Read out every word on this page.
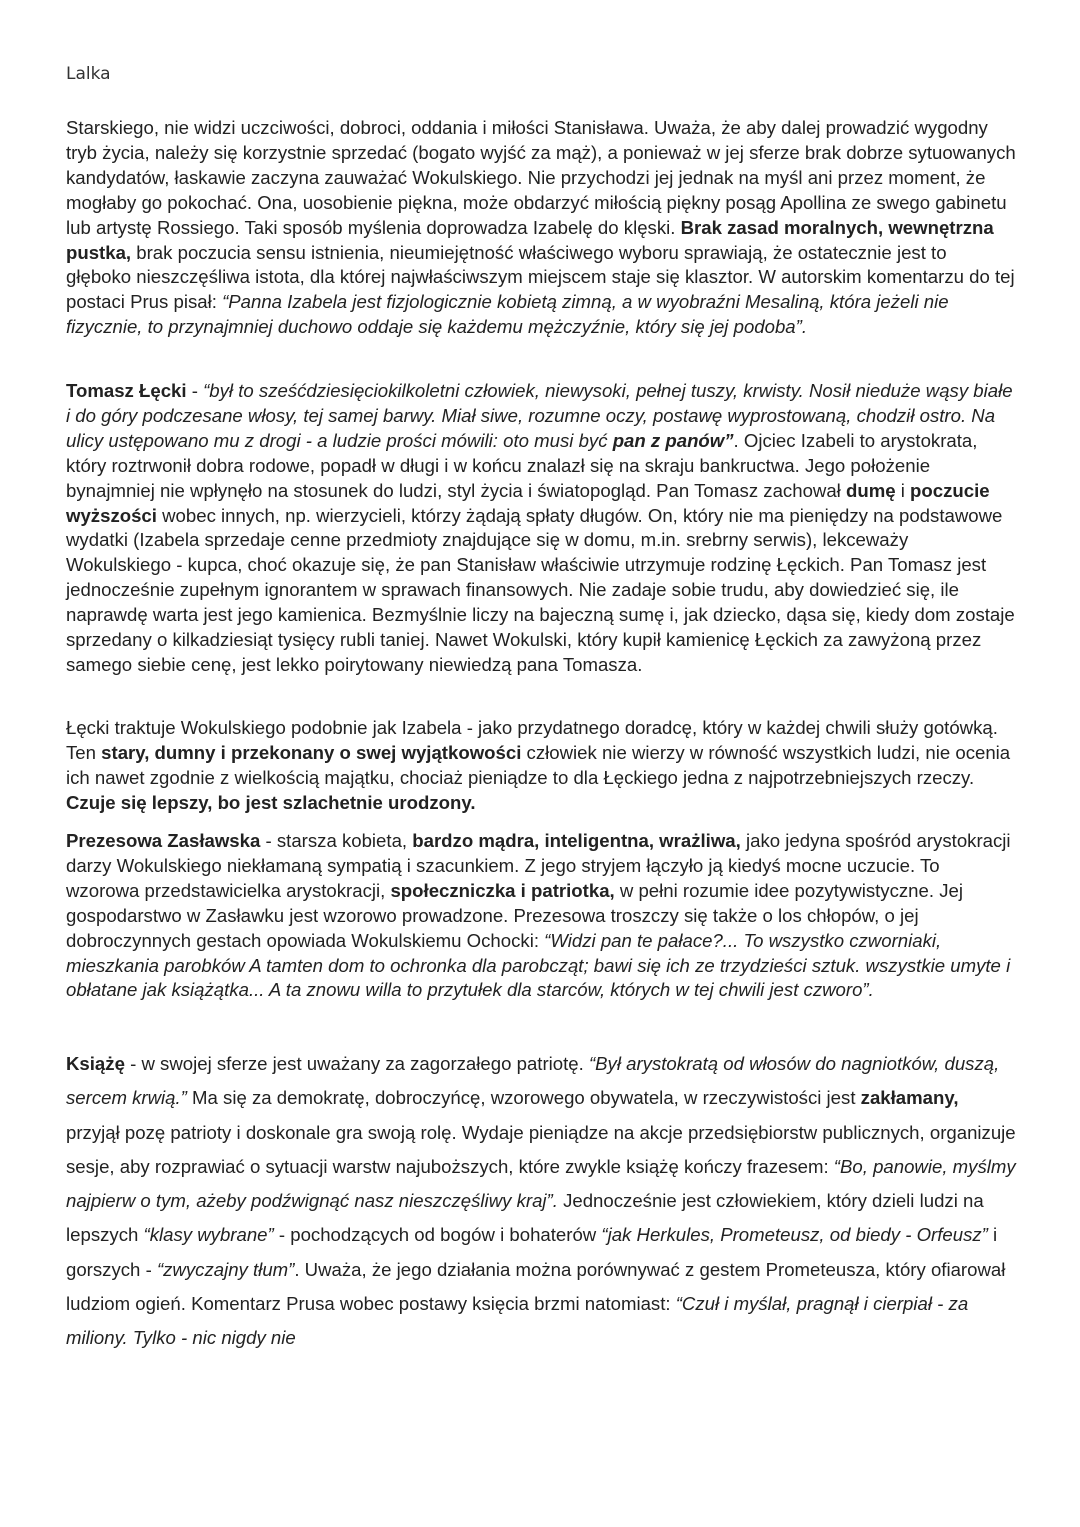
Lalka

Starskiego, nie widzi uczciwości, dobroci, oddania i miłości Stanisława. Uważa, że aby dalej prowadzić wygodny tryb życia, należy się korzystnie sprzedać (bogato wyjść za mąż), a ponieważ w jej sferze brak dobrze sytuowanych kandydatów, łaskawie zaczyna zauważać Wokulskiego. Nie przychodzi jej jednak na myśl ani przez moment, że mogłaby go pokochać. Ona, uosobienie piękna, może obdarzyć miłością piękny posąg Apollina ze swego gabinetu lub artystę Rossiego. Taki sposób myślenia doprowadza Izabelę do klęski. Brak zasad moralnych, wewnętrzna pustka, brak poczucia sensu istnienia, nieumiejętność właściwego wyboru sprawiają, że ostatecznie jest to głęboko nieszczęśliwa istota, dla której najwłaściwszym miejscem staje się klasztor. W autorskim komentarzu do tej postaci Prus pisał: “Panna Izabela jest fizjologicznie kobietą zimną, a w wyobraźni Mesaliną, która jeżeli nie fizycznie, to przynajmniej duchowo oddaje się każdemu mężczyźnie, który się jej podoba”.

Tomasz Łęcki - “był to sześćdziesięciokilkoletni człowiek, niewysoki, pełnej tuszy, krwisty. Nosił nieduże wąsy białe i do góry podczesane włosy, tej samej barwy. Miał siwe, rozumne oczy, postawę wyprostowaną, chodził ostro. Na ulicy ustępowano mu z drogi - a ludzie prości mówili: oto musi być pan z panów”. Ojciec Izabeli to arystokrata, który roztrwonił dobra rodowe, popadł w długi i w końcu znalazł się na skraju bankructwa. Jego położenie bynajmniej nie wpłynęło na stosunek do ludzi, styl życia i światopogląd. Pan Tomasz zachował dumę i poczucie wyższości wobec innych, np. wierzycieli, którzy żądają spłaty długów. On, który nie ma pieniędzy na podstawowe wydatki (Izabela sprzedaje cenne przedmioty znajdujące się w domu, m.in. srebrny serwis), lekceważy Wokulskiego - kupca, choć okazuje się, że pan Stanisław właściwie utrzymuje rodzinę Łęckich. Pan Tomasz jest jednocześnie zupełnym ignorantem w sprawach finansowych. Nie zadaje sobie trudu, aby dowiedzieć się, ile naprawdę warta jest jego kamienica. Bezmyślnie liczy na bajeczną sumę i, jak dziecko, dąsa się, kiedy dom zostaje sprzedany o kilkadziesiąt tysięcy rubli taniej. Nawet Wokulski, który kupił kamienicę Łęckich za zawyżoną przez samego siebie cenę, jest lekko poirytowany niewiedzą pana Tomasza.

Łęcki traktuje Wokulskiego podobnie jak Izabela - jako przydatnego doradcę, który w każdej chwili służy gotówką. Ten stary, dumny i przekonany o swej wyjątkowości człowiek nie wierzy w równość wszystkich ludzi, nie ocenia ich nawet zgodnie z wielkością majątku, chociaż pieniądze to dla Łęckiego jedna z najpotrzebniejszych rzeczy. Czuje się lepszy, bo jest szlachetnie urodzony.

Prezesowa Zasławska - starsza kobieta, bardzo mądra, inteligentna, wrażliwa, jako jedyna spośród arystokracji darzy Wokulskiego niekłamaną sympatią i szacunkiem. Z jego stryjem łączyło ją kiedyś mocne uczucie. To wzorowa przedstawicielka arystokracji, społeczniczka i patriotka, w pełni rozumie idee pozytywistyczne. Jej gospodarstwo w Zasławku jest wzorowo prowadzone. Prezesowa troszczy się także o los chłopów, o jej dobroczynnych gestach opowiada Wokulskiemu Ochocki: “Widzi pan te pałace?... To wszystko czworniaki, mieszkania parobków A tamten dom to ochronka dla parobcząt; bawi się ich ze trzydzieści sztuk. wszystkie umyte i obłatane jak książątka... A ta znowu willa to przytułek dla starców, których w tej chwili jest czworo”.

Książę - w swojej sferze jest uważany za zagorzałego patriotę. “Był arystokratą od włosów do nagniotków, duszą, sercem krwią.” Ma się za demokratę, dobroczyńcę, wzorowego obywatela, w rzeczywistości jest zakłamany, przyjął pozę patrioty i doskonale gra swoją rolę. Wydaje pieniądze na akcje przedsiębiorstw publicznych, organizuje sesje, aby rozprawiać o sytuacji warstw najuboższych, które zwykle książę kończy frazesem: “Bo, panowie, myślmy najpierw o tym, ażeby podźwignąć nasz nieszczęśliwy kraj”. Jednocześnie jest człowiekiem, który dzieli ludzi na lepszych “klasy wybrane” - pochodzących od bogów i bohaterów “jak Herkules, Prometeusz, od biedy - Orfeusz” i gorszych - “zwyczajny tłum”. Uważa, że jego działania można porównywać z gestem Prometeusza, który ofiarował ludziom ogień. Komentarz Prusa wobec postawy księcia brzmi natomiast: “Czuł i myślał, pragnął i cierpiał - za miliony. Tylko - nic nigdy nie
